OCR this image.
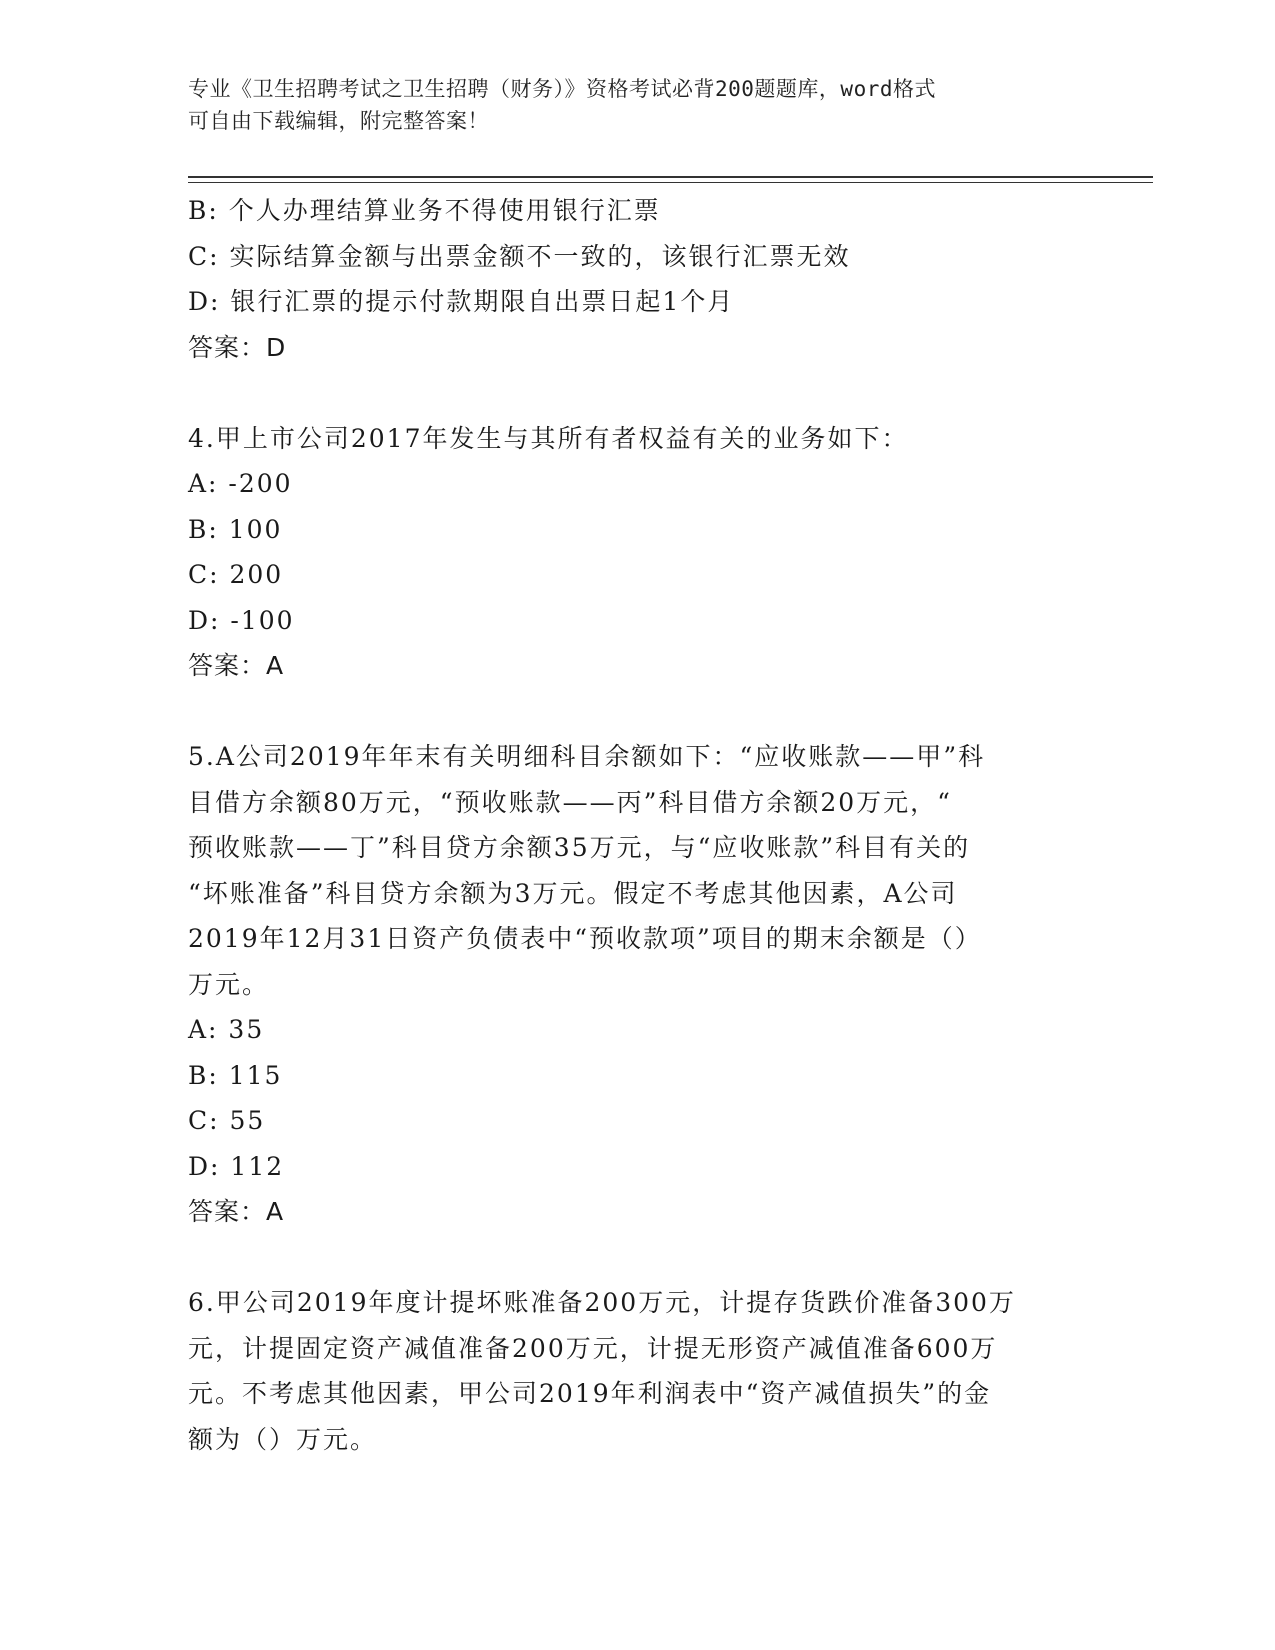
专业《卫生招聘考试之卫生招聘（财务）》资格考试必背200题题库，word格式
可自由下载编辑，附完整答案！
B: 个人办理结算业务不得使用银行汇票
C: 实际结算金额与出票金额不一致的，该银行汇票无效
D: 银行汇票的提示付款期限自出票日起1个月
答案：D
4.甲上市公司2017年发生与其所有者权益有关的业务如下：
A: -200
B: 100
C: 200
D: -100
答案：A
5.A公司2019年年末有关明细科目余额如下：“应收账款——甲”科
目借方余额80万元，“预收账款——丙”科目借方余额20万元，“
预收账款——丁”科目贷方余额35万元，与“应收账款”科目有关的
“坏账准备”科目贷方余额为3万元。假定不考虑其他因素，A公司
2019年12月31日资产负债表中“预收款项”项目的期末余额是（）
万元。
A: 35
B: 115
C: 55
D: 112
答案：A
6.甲公司2019年度计提坏账准备200万元，计提存货跌价准备300万
元，计提固定资产减值准备200万元，计提无形资产减值准备600万
元。不考虑其他因素，甲公司2019年利润表中“资产减值损失”的金
额为（）万元。
